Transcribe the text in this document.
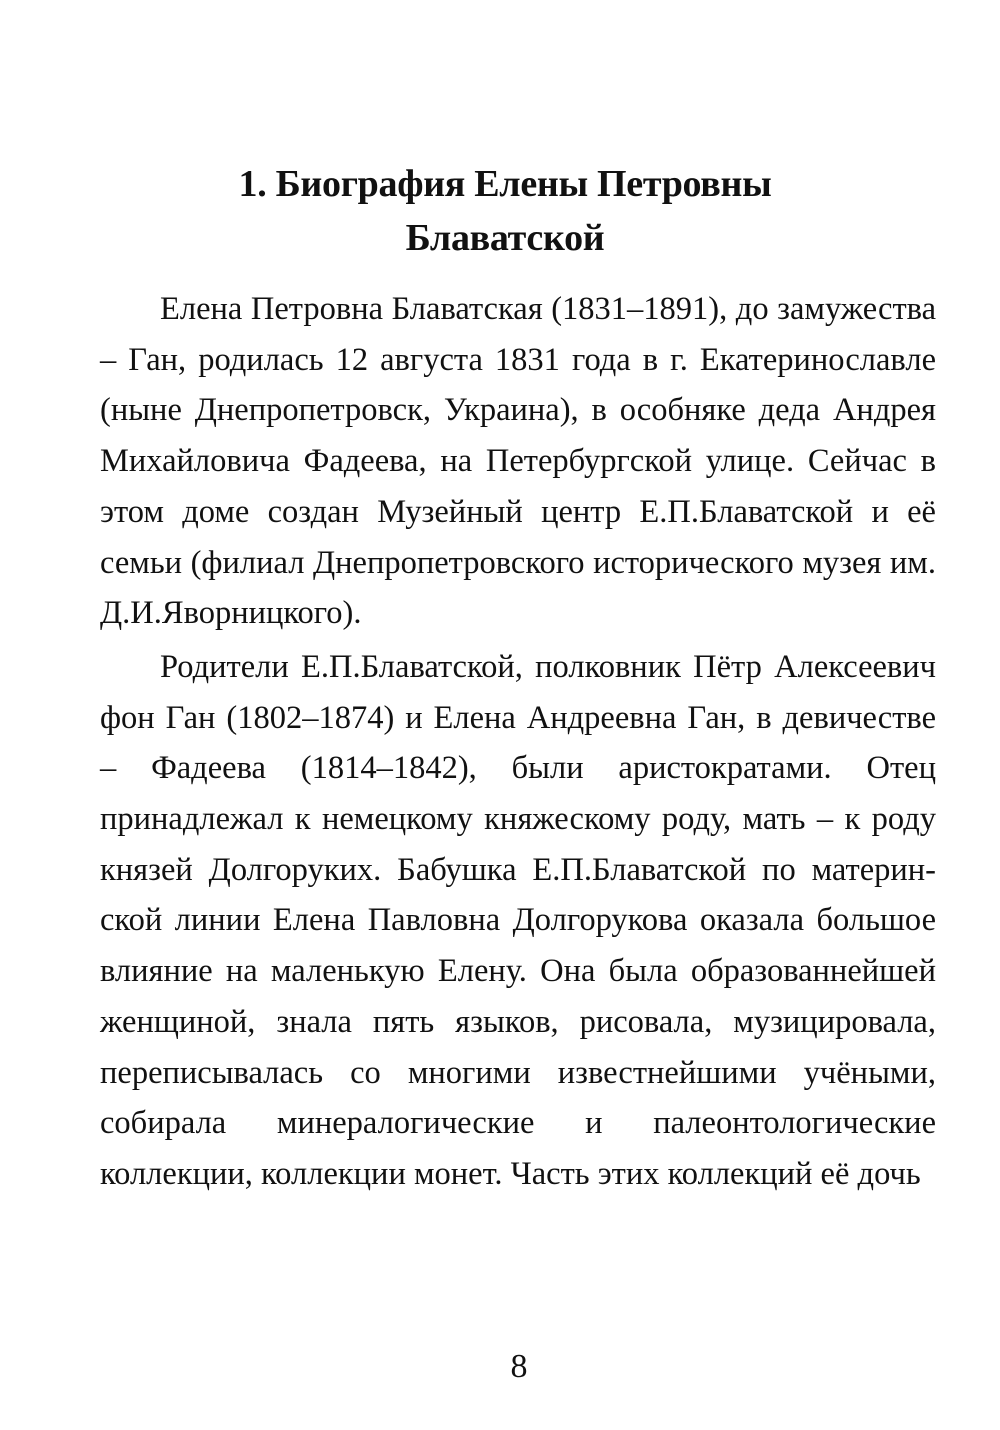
1. Биография Елены Петровны
Блаватской

Елена Петровна Блаватская (1831–1891), до замужества – Ган, родилась 12 августа 1831 года в г. Екатеринославле (ныне Днепропетровск, Украина), в особняке деда Андрея Михайловича Фадеева, на Петербургской улице. Сейчас в этом доме создан Музейный центр Е.П.Блаватской и её семьи (филиал Днепропетровского исторического музея им. Д.И.Яворницкого).

Родители Е.П.Блаватской, полковник Пётр Алексеевич фон Ган (1802–1874) и Елена Андреевна Ган, в девичестве – Фадеева (1814–1842), были аристократами. Отец принадлежал к немецкому княжескому роду, мать – к роду князей Долгоруких. Бабушка Е.П.Блаватской по материнской линии Елена Павловна Долгорукова оказала большое влияние на маленькую Елену. Она была образованнейшей женщиной, знала пять языков, рисовала, музицировала, переписывалась со многими известнейшими учёными, собирала минералогические и палеонтологические коллекции, коллекции монет. Часть этих коллекций её дочь

8
